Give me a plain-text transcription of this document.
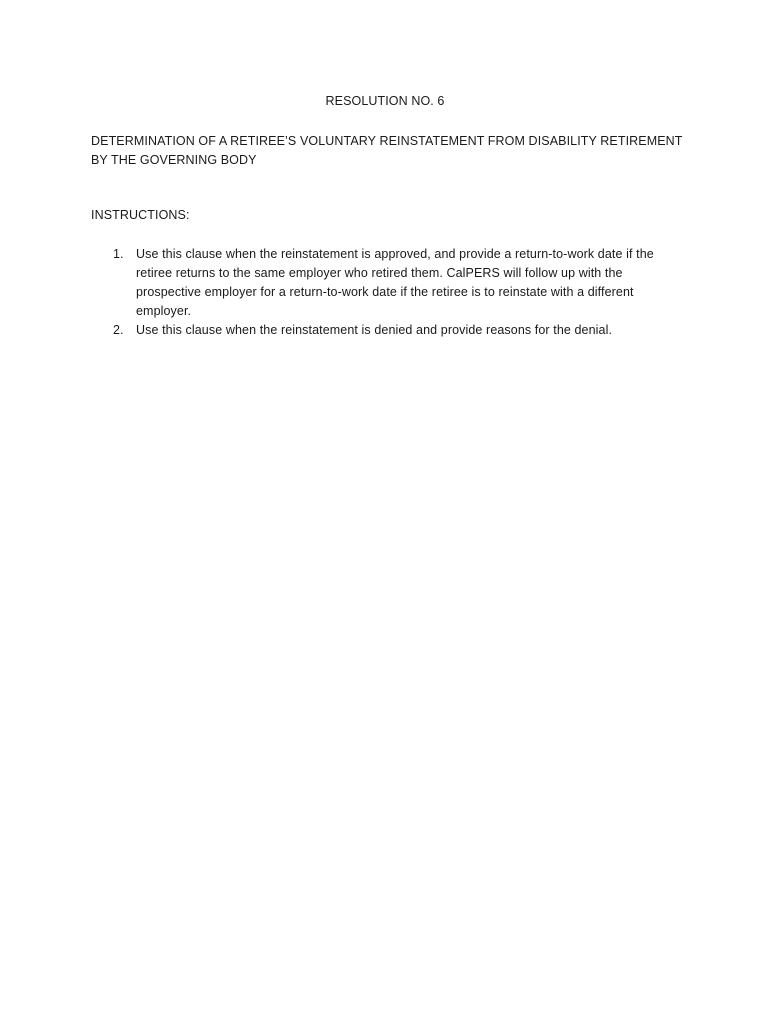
RESOLUTION NO. 6
DETERMINATION OF A RETIREE’S VOLUNTARY REINSTATEMENT FROM DISABILITY RETIREMENT BY THE GOVERNING BODY
INSTRUCTIONS:
1. Use this clause when the reinstatement is approved, and provide a return-to-work date if the retiree returns to the same employer who retired them. CalPERS will follow up with the prospective employer for a return-to-work date if the retiree is to reinstate with a different employer.
2. Use this clause when the reinstatement is denied and provide reasons for the denial.
